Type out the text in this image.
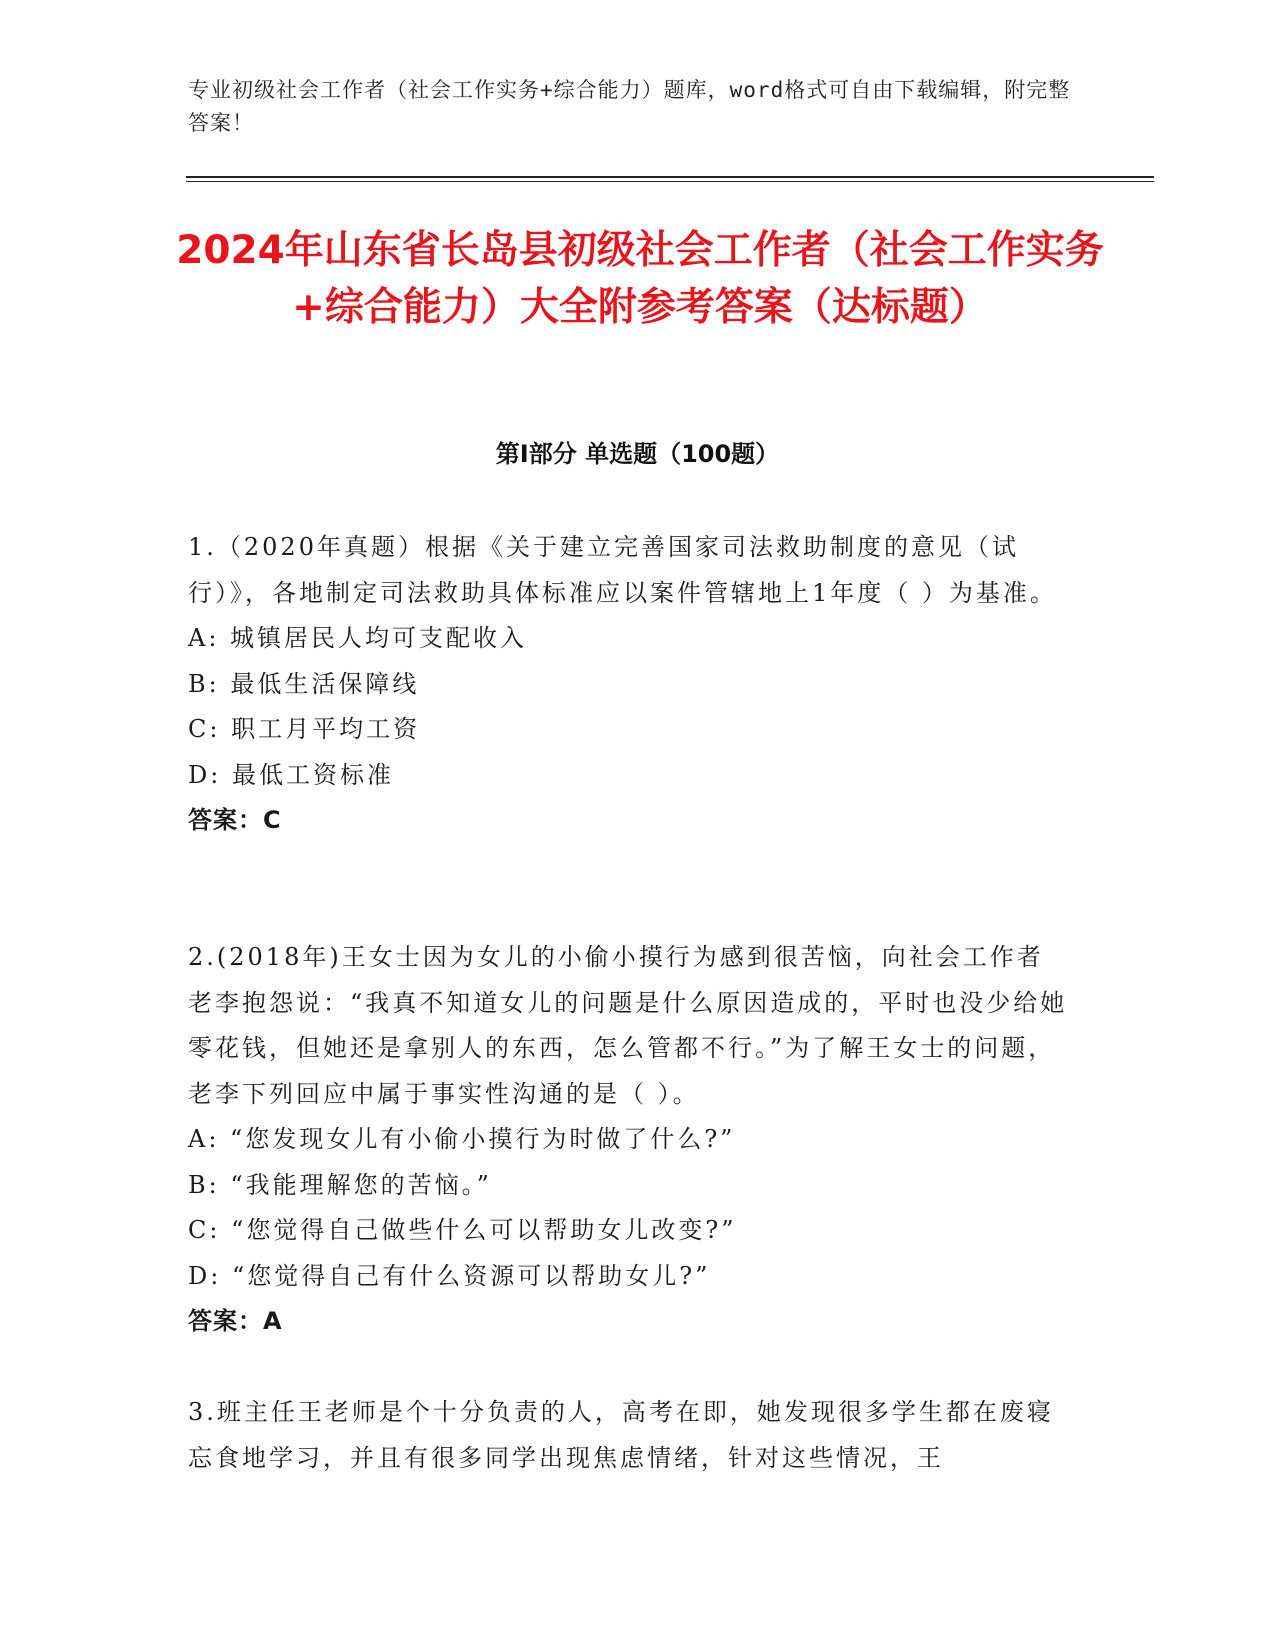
专业初级社会工作者（社会工作实务+综合能力）题库，word格式可自由下载编辑，附完整答案！
2024年山东省长岛县初级社会工作者（社会工作实务+综合能力）大全附参考答案（达标题）
第I部分 单选题（100题）

1.（2020年真题）根据《关于建立完善国家司法救助制度的意见（试行）》，各地制定司法救助具体标准应以案件管辖地上1年度（ ）为基准。

A: 城镇居民人均可支配收入

B: 最低生活保障线

C: 职工月平均工资

D: 最低工资标准

答案：C

2.(2018年)王女士因为女儿的小偷小摸行为感到很苦恼，向社会工作者老李抱怨说：“我真不知道女儿的问题是什么原因造成的，平时也没少给她零花钱，但她还是拿别人的东西，怎么管都不行。”为了解王女士的问题，老李下列回应中属于事实性沟通的是（ ）。

A: “您发现女儿有小偷小摸行为时做了什么?”

B: “我能理解您的苦恼。”

C: “您觉得自己做些什么可以帮助女儿改变?”

D: “您觉得自己有什么资源可以帮助女儿?”

答案：A

3.班主任王老师是个十分负责的人，高考在即，她发现很多学生都在废寝忘食地学习，并且有很多同学出现焦虑情绪，针对这些情况，王
